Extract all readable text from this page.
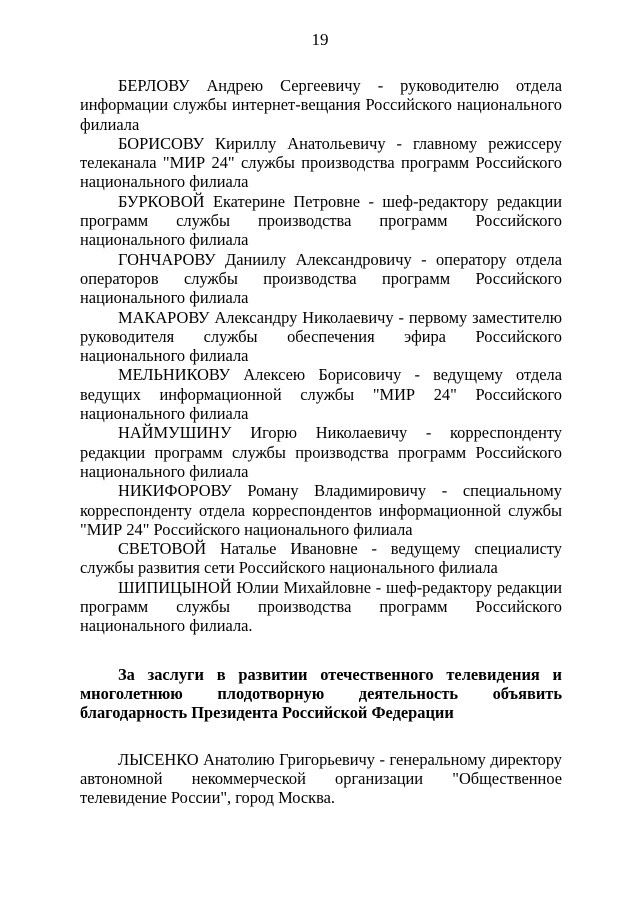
19

БЕРЛОВУ Андрею Сергеевичу - руководителю отдела информации службы интернет-вещания Российского национального филиала

БОРИСОВУ Кириллу Анатольевичу - главному режиссеру телеканала "МИР 24" службы производства программ Российского национального филиала

БУРКОВОЙ Екатерине Петровне - шеф-редактору редакции программ службы производства программ Российского национального филиала

ГОНЧАРОВУ Даниилу Александровичу - оператору отдела операторов службы производства программ Российского национального филиала

МАКАРОВУ Александру Николаевичу - первому заместителю руководителя службы обеспечения эфира Российского национального филиала

МЕЛЬНИКОВУ Алексею Борисовичу - ведущему отдела ведущих информационной службы "МИР 24" Российского национального филиала

НАЙМУШИНУ Игорю Николаевичу - корреспонденту редакции программ службы производства программ Российского национального филиала

НИКИФОРОВУ Роману Владимировичу - специальному корреспонденту отдела корреспондентов информационной службы "МИР 24" Российского национального филиала

СВЕТОВОЙ Наталье Ивановне - ведущему специалисту службы развития сети Российского национального филиала

ШИПИЦЫНОЙ Юлии Михайловне - шеф-редактору редакции программ службы производства программ Российского национального филиала.

За заслуги в развитии отечественного телевидения и многолетнюю плодотворную деятельность объявить благодарность Президента Российской Федерации

ЛЫСЕНКО Анатолию Григорьевичу - генеральному директору автономной некоммерческой организации "Общественное телевидение России", город Москва.
